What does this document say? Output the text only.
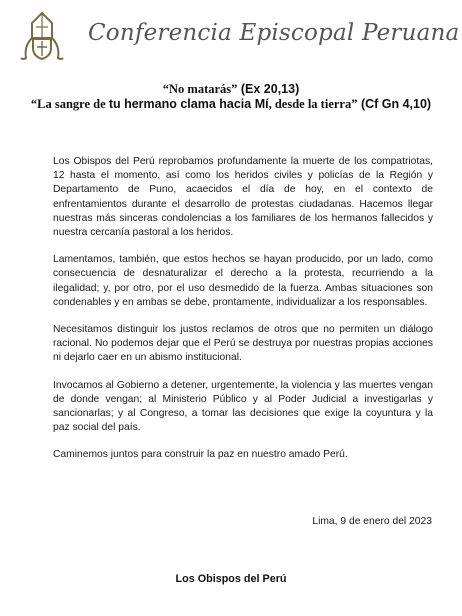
Conferencia Episcopal Peruana
“No matarás” (Ex 20,13)
“La sangre de tu hermano clama hacia Mí, desde la tierra” (Cf Gn 4,10)

Los Obispos del Perú reprobamos profundamente la muerte de los compatriotas, 12 hasta el momento, así como los heridos civiles y policías de la Región y Departamento de Puno, acaecidos el día de hoy, en el contexto de enfrentamientos durante el desarrollo de protestas ciudadanas. Hacemos llegar nuestras más sinceras condolencias a los familiares de los hermanos fallecidos y nuestra cercanía pastoral a los heridos.

Lamentamos, también, que estos hechos se hayan producido, por un lado, como consecuencia de desnaturalizar el derecho a la protesta, recurriendo a la ilegalidad; y, por otro, por el uso desmedido de la fuerza. Ambas situaciones son condenables y en ambas se debe, prontamente, individualizar a los responsables.

Necesitamos distinguir los justos reclamos de otros que no permiten un diálogo racional. No podemos dejar que el Perú se destruya por nuestras propias acciones ni dejarlo caer en un abismo institucional.

Invocamos al Gobierno a detener, urgentemente, la violencia y las muertes vengan de donde vengan; al Ministerio Público y al Poder Judicial a investigarlas y sancionarlas; y al Congreso, a tomar las decisiones que exige la coyuntura y la paz social del país.

Caminemos juntos para construir la paz en nuestro amado Perú.

Lima, 9 de enero del 2023
Los Obispos del Perú
